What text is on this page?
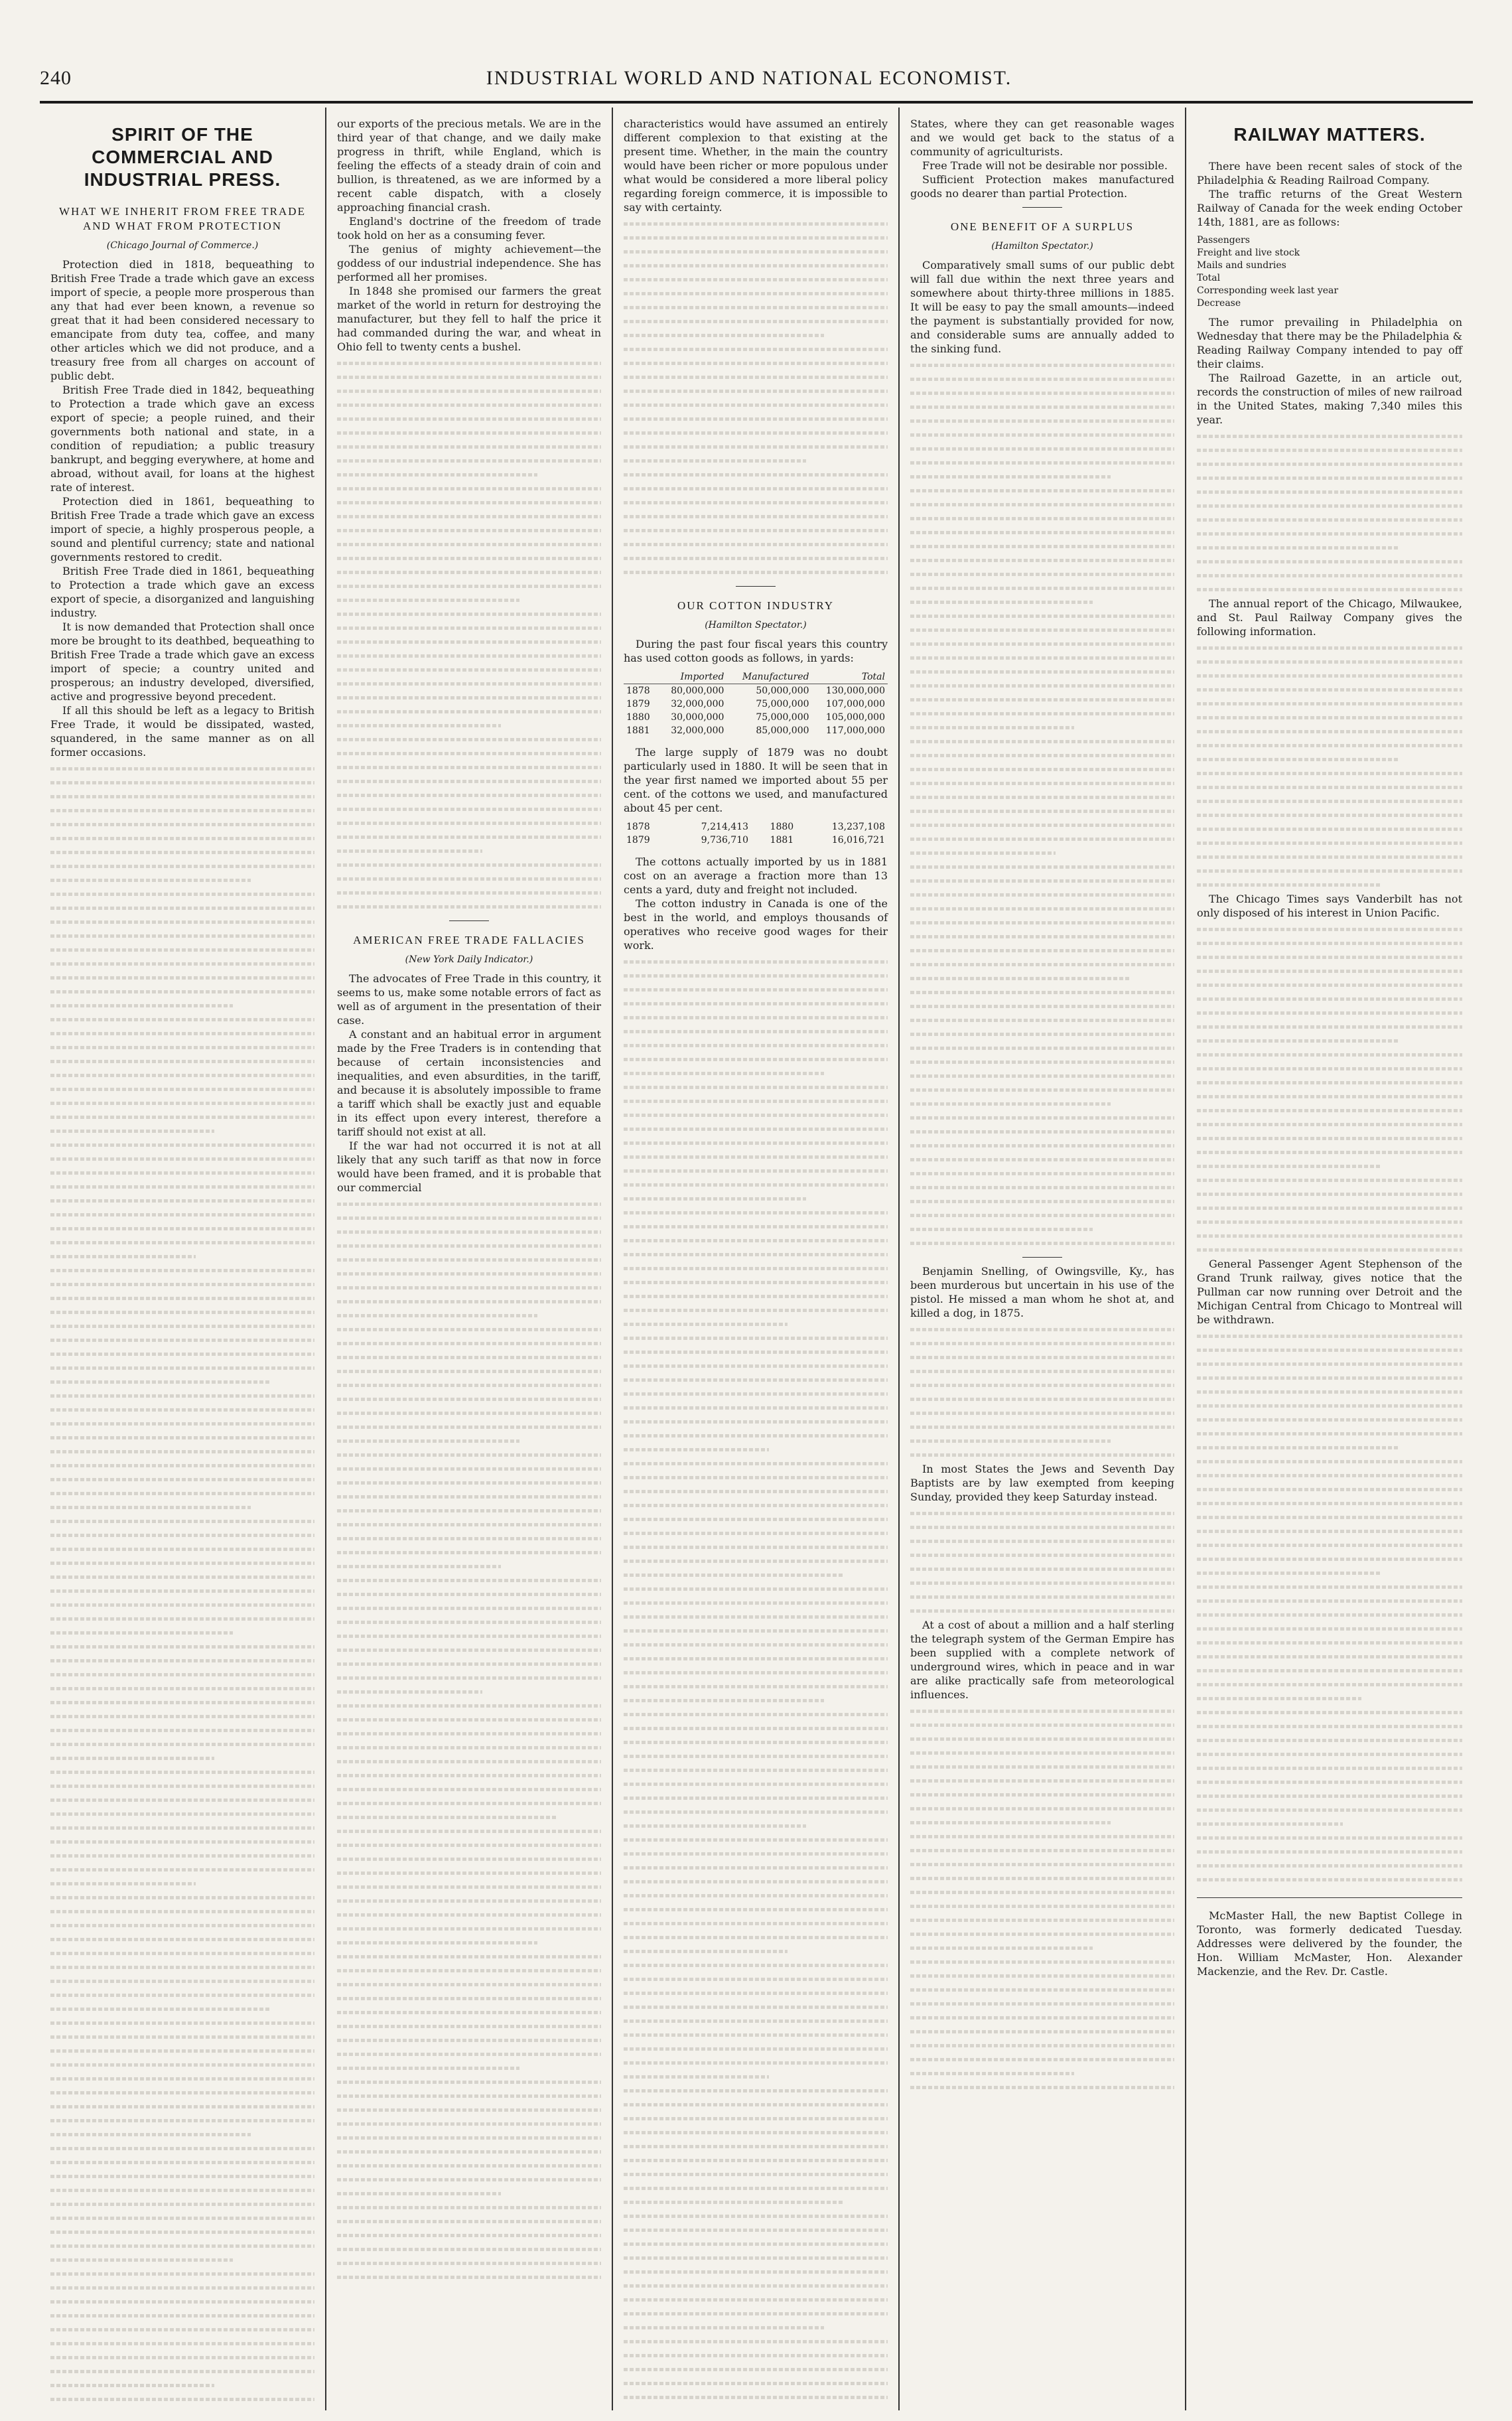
240	INDUSTRIAL WORLD AND NATIONAL ECONOMIST.
SPIRIT OF THE COMMERCIAL AND INDUSTRIAL PRESS.
WHAT WE INHERIT FROM FREE TRADE AND WHAT FROM PROTECTION
(Chicago Journal of Commerce.)

Protection died in 1818, bequeathing to British Free Trade a trade which gave an excess import of specie, a people more prosperous than any that had ever been known, a revenue so great that it had been considered necessary to emancipate from duty tea, coffee, and many other articles which we did not produce, and a treasury free from all charges on account of public debt.

British Free Trade died in 1842, bequeathing to Protection a trade which gave an excess export of specie; a people ruined, and their governments both national and state, in a condition of repudiation; a public treasury bankrupt, and begging everywhere, at home and abroad, without avail, for loans at the highest rate of interest.

Protection died in 1861, bequeathing to British Free Trade a trade which gave an excess import of specie, a highly prosperous people, a sound and plentiful currency; state and national governments restored to credit.

British Free Trade died in 1861, bequeathing to Protection a trade which gave an excess export of specie, a disorganized and languishing industry.

It is now demanded that Protection shall once more be brought to its deathbed, bequeathing to British Free Trade a trade which gave an excess import of specie; a country united and prosperous; an industry developed, diversified, active and progressive beyond precedent.

If all this should be left as a legacy to British Free Trade, it would be dissipated, wasted, squandered, in the same manner as on all former occasions.

our exports of the precious metals. We are in the third year of that change, and we daily make progress in thrift, while England, which is feeling the effects of a steady drain of coin and bullion, is threatened, as we are informed by a recent cable dispatch, with a closely approaching financial crash.

England's doctrine of the freedom of trade took hold on her as a consuming fever.

The genius of mighty achievement—the goddess of our industrial independence. She has performed all her promises.

In 1848 she promised our farmers the great market of the world in return for destroying the manufacturer, but they fell to half the price it had commanded during the war, and wheat in Ohio fell to twenty cents a bushel.

AMERICAN FREE TRADE FALLACIES
(New York Daily Indicator.)

The advocates of Free Trade in this country, it seems to us, make some notable errors of fact as well as of argument in the presentation of their case.

A constant and an habitual error in argument made by the Free Traders is in contending that because of certain inconsistencies and inequalities, and even absurdities, in the tariff, and because it is absolutely impossible to frame a tariff which shall be exactly just and equable in its effect upon every interest, therefore a tariff should not exist at all.

If the war had not occurred it is not at all likely that any such tariff as that now in force would have been framed, and it is probable that our commercial

characteristics would have assumed an entirely different complexion to that existing at the present time. Whether, in the main the country would have been richer or more populous under what would be considered a more liberal policy regarding foreign commerce, it is impossible to say with certainty.

OUR COTTON INDUSTRY
(Hamilton Spectator.)

During the past four fiscal years this country has used cotton goods as follows, in yards:

	Imported	Manufactured	Total
1878	80,000,000	50,000,000	130,000,000
1879	32,000,000	75,000,000	107,000,000
1880	30,000,000	75,000,000	105,000,000
1881	32,000,000	85,000,000	117,000,000

The large supply of 1879 was no doubt particularly used in 1880. It will be seen that in the year first named we imported about 55 per cent. of the cottons we used, and manufactured about 45 per cent.

1878	7,214,413	1880	13,237,108
1879	9,736,710	1881	16,016,721

The cottons actually imported by us in 1881 cost on an average a fraction more than 13 cents a yard, duty and freight not included.

The cotton industry in Canada is one of the best in the world, and employs thousands of operatives who receive good wages for their work.

States, where they can get reasonable wages and we would get back to the status of a community of agriculturists.

Free Trade will not be desirable nor possible.

Sufficient Protection makes manufactured goods no dearer than partial Protection.

ONE BENEFIT OF A SURPLUS
(Hamilton Spectator.)

Comparatively small sums of our public debt will fall due within the next three years and somewhere about thirty-three millions in 1885. It will be easy to pay the small amounts—indeed the payment is substantially provided for now, and considerable sums are annually added to the sinking fund.

Benjamin Snelling, of Owingsville, Ky., has been murderous but uncertain in his use of the pistol. He missed a man whom he shot at, and killed a dog, in 1875.

In most States the Jews and Seventh Day Baptists are by law exempted from keeping Sunday, provided they keep Saturday instead.

At a cost of about a million and a half sterling the telegraph system of the German Empire has been supplied with a complete network of underground wires, which in peace and in war are alike practically safe from meteorological influences.

RAILWAY MATTERS.

There have been recent sales of stock of the Philadelphia & Reading Railroad Company.

The traffic returns of the Great Western Railway of Canada for the week ending October 14th, 1881, are as follows:

Passengers
Freight and live stock
Mails and sundries
Total
Corresponding week last year
Decrease

The rumor prevailing in Philadelphia on Wednesday that there may be the Philadelphia & Reading Railway Company intended to pay off their claims.

The Railroad Gazette, in an article out, records the construction of miles of new railroad in the United States, making 7,340 miles this year.

The annual report of the Chicago, Milwaukee, and St. Paul Railway Company gives the following information.

The Chicago Times says Vanderbilt has not only disposed of his interest in Union Pacific.

General Passenger Agent Stephenson of the Grand Trunk railway, gives notice that the Pullman car now running over Detroit and the Michigan Central from Chicago to Montreal will be withdrawn.

McMaster Hall, the new Baptist College in Toronto, was formerly dedicated Tuesday. Addresses were delivered by the founder, the Hon. William McMaster, Hon. Alexander Mackenzie, and the Rev. Dr. Castle.
